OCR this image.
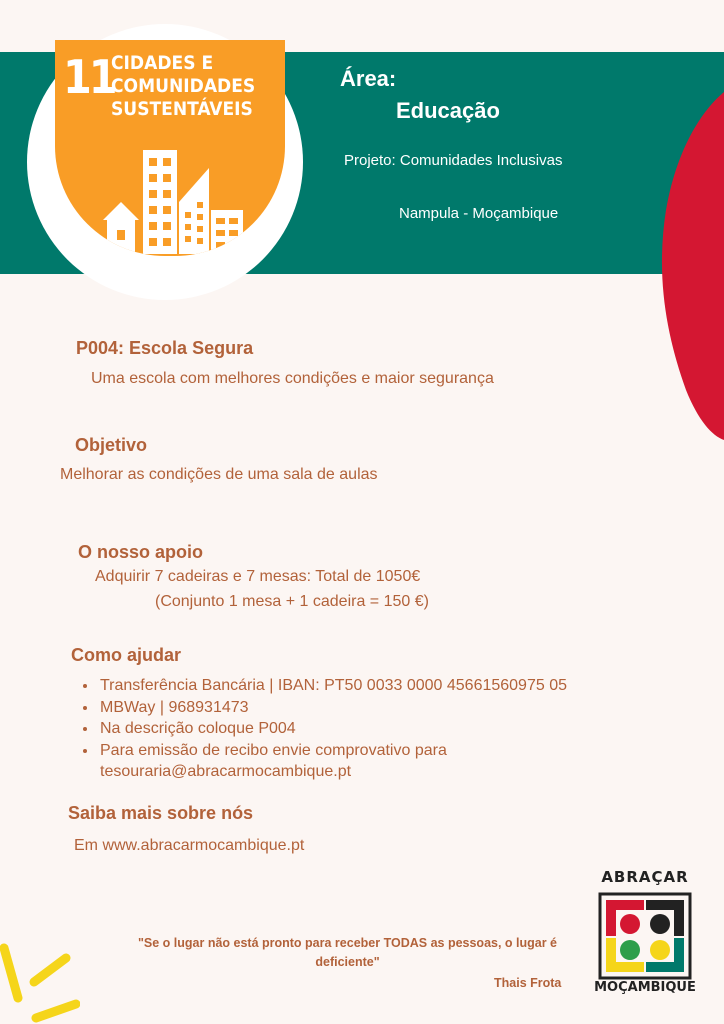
11
CIDADES E
COMUNIDADES
SUSTENTÁVEIS
Área:
Educação
Projeto: Comunidades Inclusivas
Nampula - Moçambique
P004: Escola Segura
Uma escola com melhores condições e maior segurança
Objetivo
Melhorar as condições de uma sala de aulas
O nosso apoio
Adquirir 7 cadeiras e 7 mesas: Total de 1050€
(Conjunto 1 mesa + 1 cadeira = 150 €)
Como ajudar
• Transferência Bancária | IBAN: PT50 0033 0000 45661560975 05
• MBWay | 968931473
• Na descrição coloque P004
• Para emissão de recibo envie comprovativo para tesouraria@abracarmocambique.pt
Saiba mais sobre nós
Em www.abracarmocambique.pt
"Se o lugar não está pronto para receber TODAS as pessoas, o lugar é deficiente"
Thais Frota
ABRAÇAR
MOÇAMBIQUE
